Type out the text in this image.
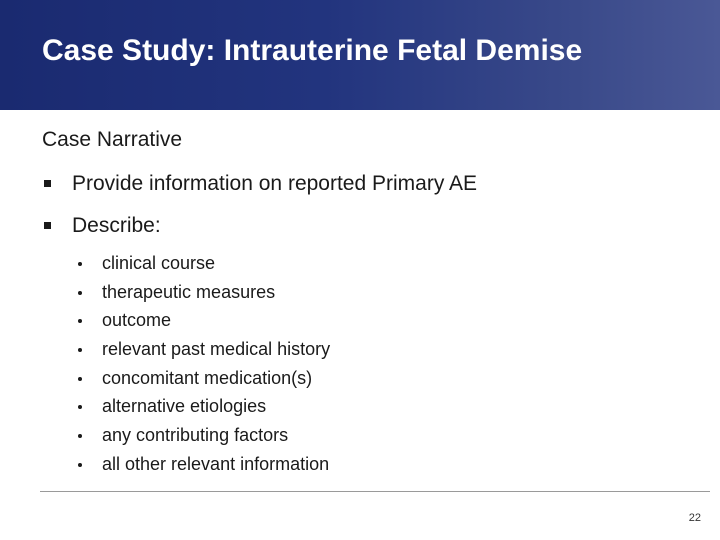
Case Study: Intrauterine Fetal Demise
Case Narrative
Provide information on reported Primary AE
Describe:
clinical course
therapeutic measures
outcome
relevant past medical history
concomitant medication(s)
alternative etiologies
any contributing factors
all other relevant information
22
